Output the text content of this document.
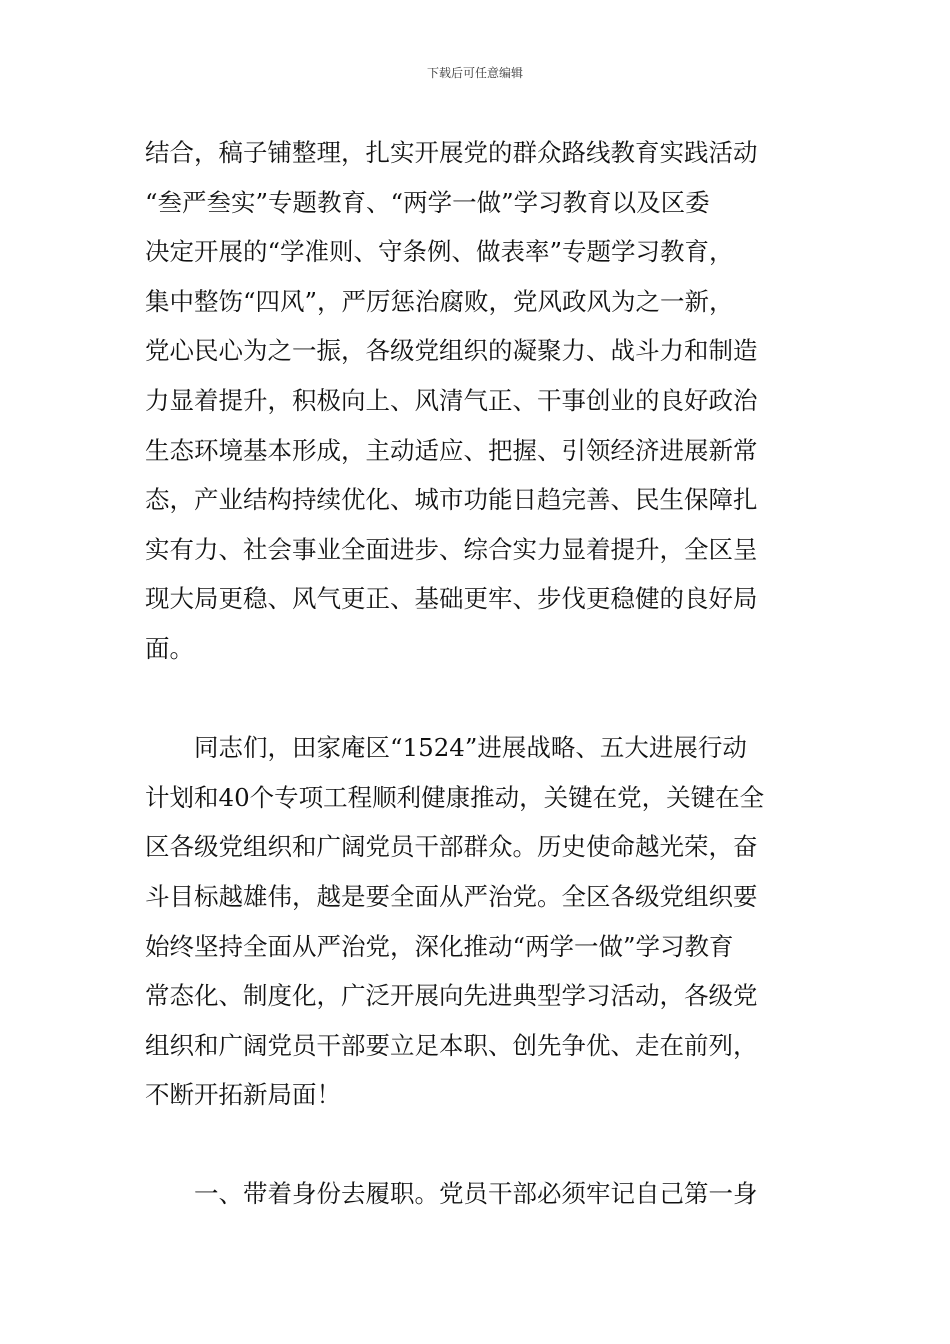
下载后可任意编辑
结合，稿子铺整理，扎实开展党的群众路线教育实践活动
“叁严叁实”专题教育、“两学一做”学习教育以及区委
决定开展的“学准则、守条例、做表率”专题学习教育，
集中整饬“四风”，严厉惩治腐败，党风政风为之一新，
党心民心为之一振，各级党组织的凝聚力、战斗力和制造
力显着提升，积极向上、风清气正、干事创业的良好政治
生态环境基本形成，主动适应、把握、引领经济进展新常
态，产业结构持续优化、城市功能日趋完善、民生保障扎
实有力、社会事业全面进步、综合实力显着提升，全区呈
现大局更稳、风气更正、基础更牢、步伐更稳健的良好局
面。
　　同志们，田家庵区“1524”进展战略、五大进展行动
计划和40个专项工程顺利健康推动，关键在党，关键在全
区各级党组织和广阔党员干部群众。历史使命越光荣，奋
斗目标越雄伟，越是要全面从严治党。全区各级党组织要
始终坚持全面从严治党，深化推动“两学一做”学习教育
常态化、制度化，广泛开展向先进典型学习活动，各级党
组织和广阔党员干部要立足本职、创先争优、走在前列，
不断开拓新局面！
　　一、带着身份去履职。党员干部必须牢记自己第一身
